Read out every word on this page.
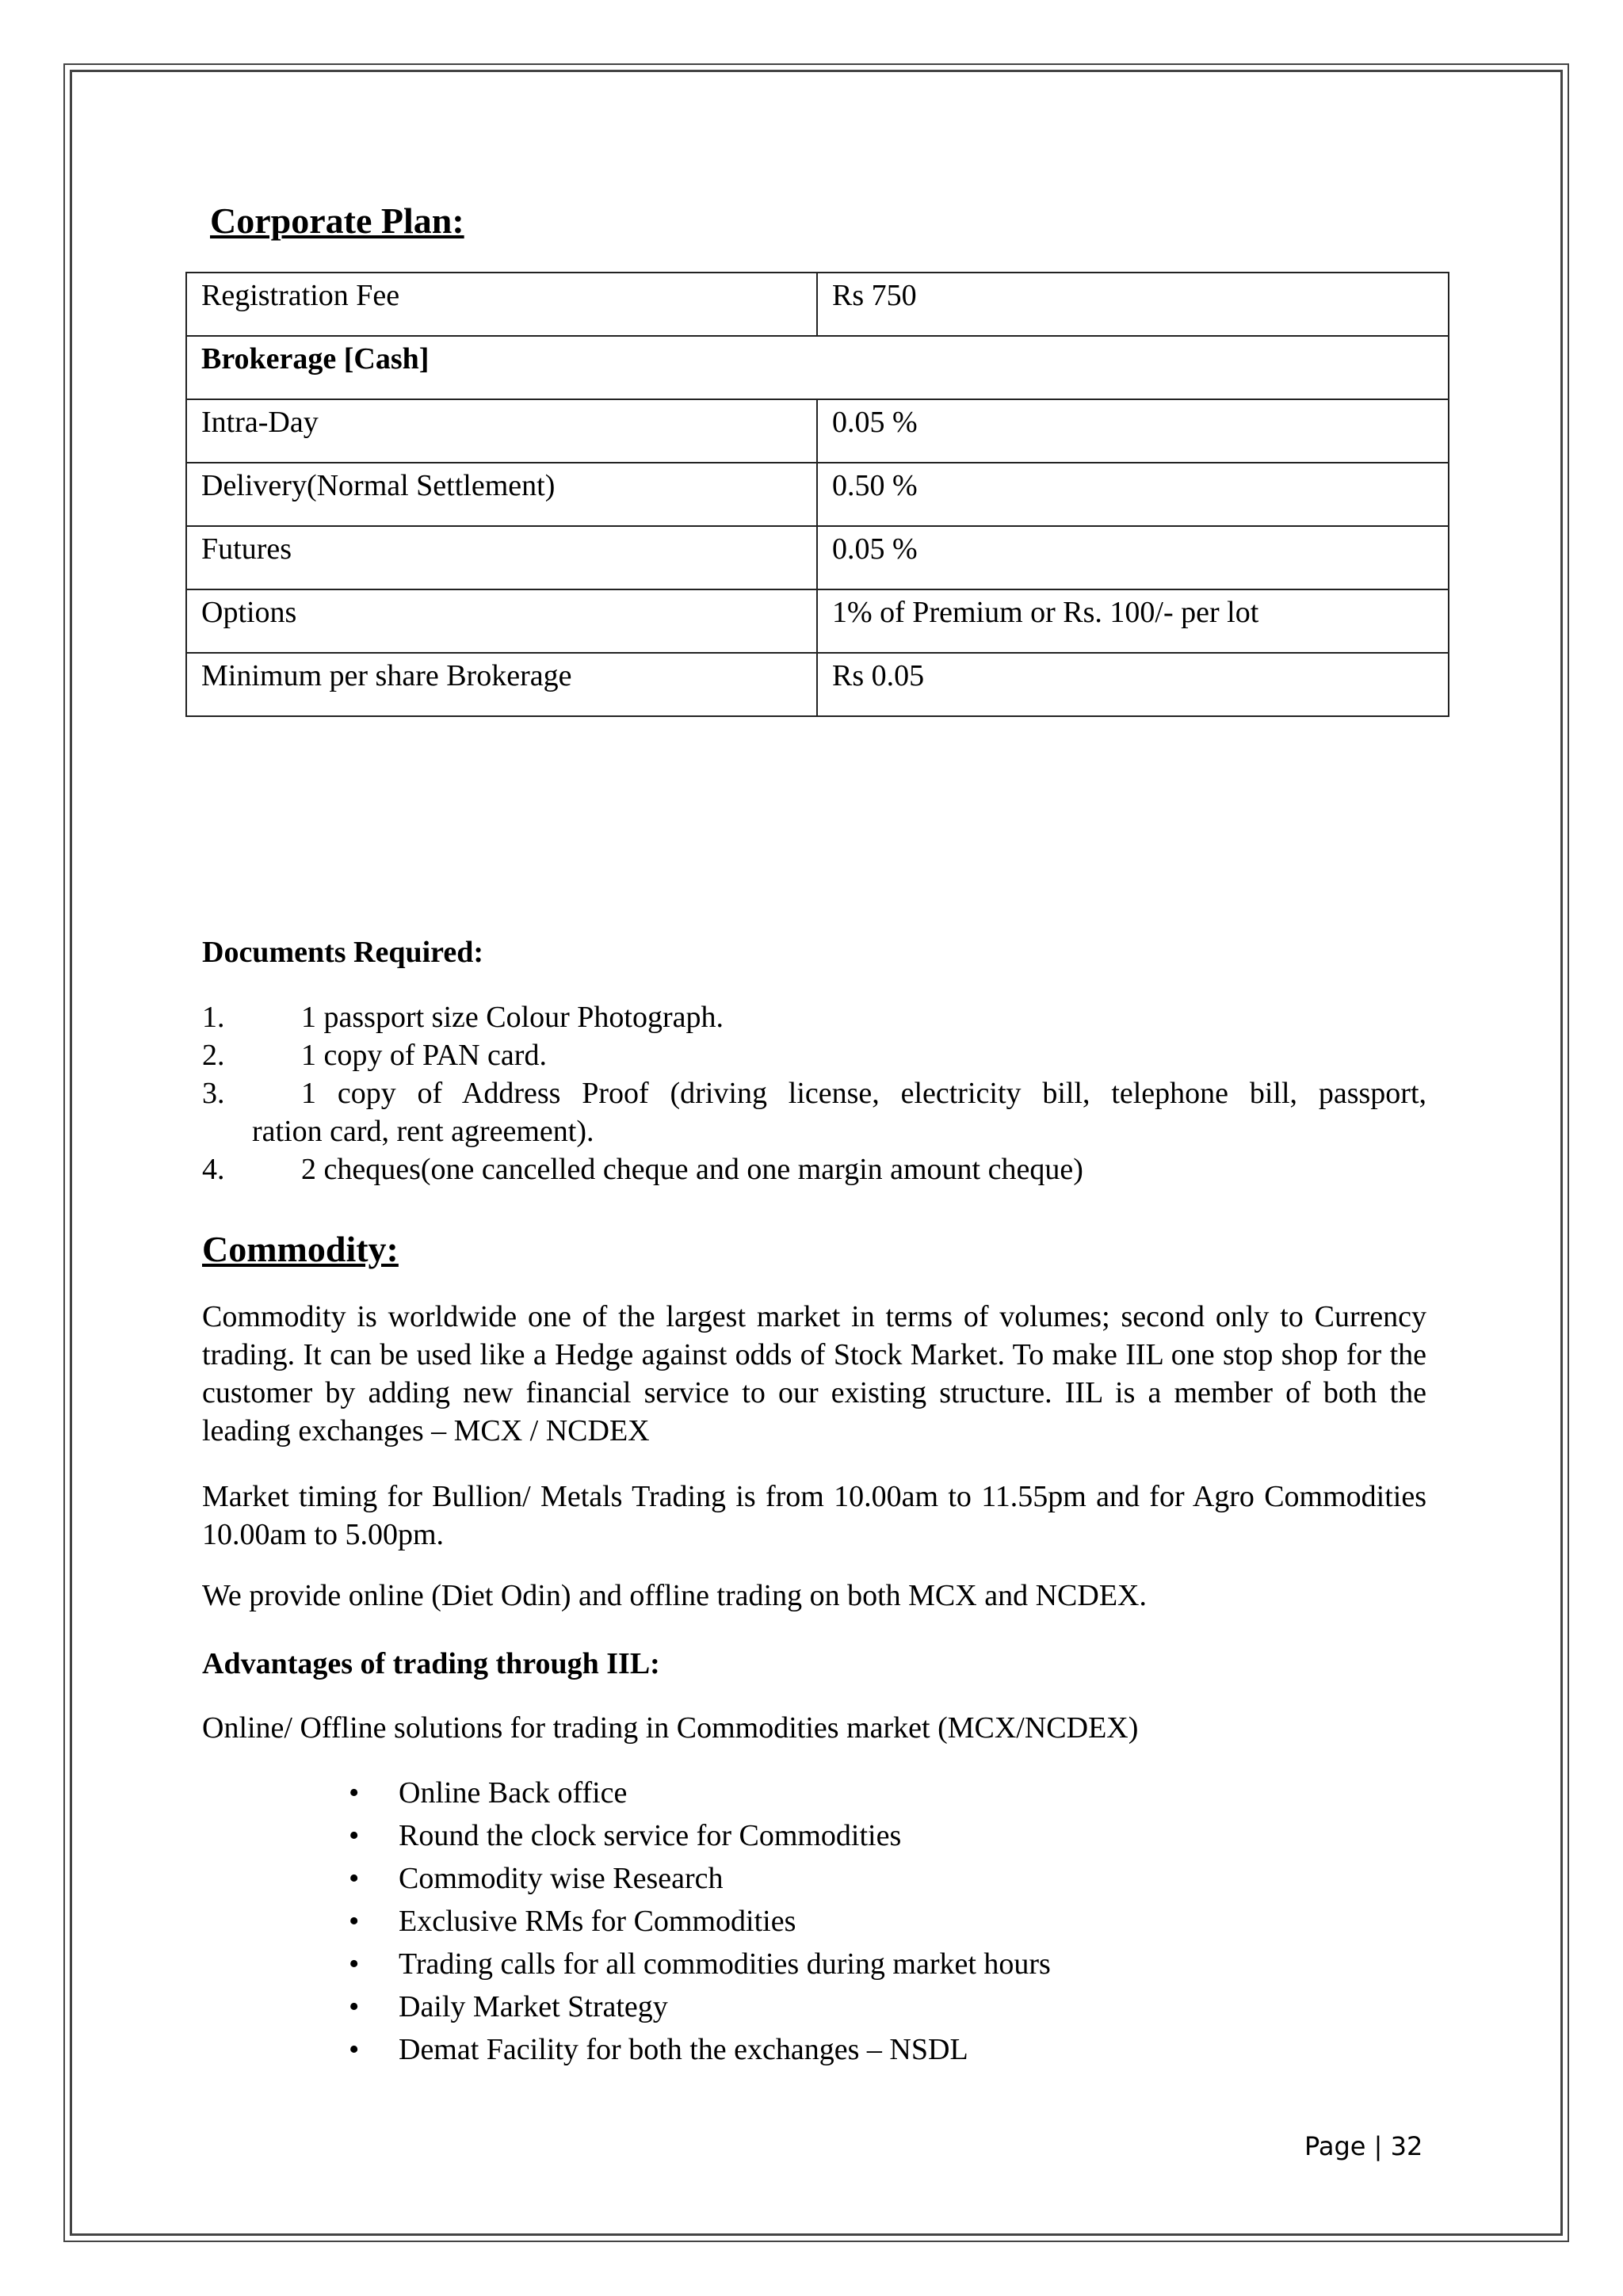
Corporate Plan:
Registration Fee	Rs 750
Brokerage [Cash]	
Intra-Day	0.05 %
Delivery(Normal Settlement)	0.50 %
Futures	0.05 %
Options	1% of Premium or Rs. 100/- per lot
Minimum per share Brokerage	Rs 0.05
Documents Required:
1.	1 passport size Colour Photograph.
2.	1 copy of PAN card.
3.	1 copy of Address Proof (driving license, electricity bill, telephone bill, passport,
ration card, rent agreement).
4.	2 cheques(one cancelled cheque and one margin amount cheque)
Commodity:
Commodity is worldwide one of the largest market in terms of volumes; second only to Currency trading. It can be used like a Hedge against odds of Stock Market. To make IIL one stop shop for the customer by adding new financial service to our existing structure. IIL is a member of both the leading exchanges – MCX / NCDEX
Market timing for Bullion/ Metals Trading is from 10.00am to 11.55pm and for Agro Commodities 10.00am to 5.00pm.
We provide online (Diet Odin) and offline trading on both MCX and NCDEX.
Advantages of trading through IIL:
Online/ Offline solutions for trading in Commodities market (MCX/NCDEX)
• Online Back office
• Round the clock service for Commodities
• Commodity wise Research
• Exclusive RMs for Commodities
• Trading calls for all commodities during market hours
• Daily Market Strategy
• Demat Facility for both the exchanges – NSDL
Page | 32
